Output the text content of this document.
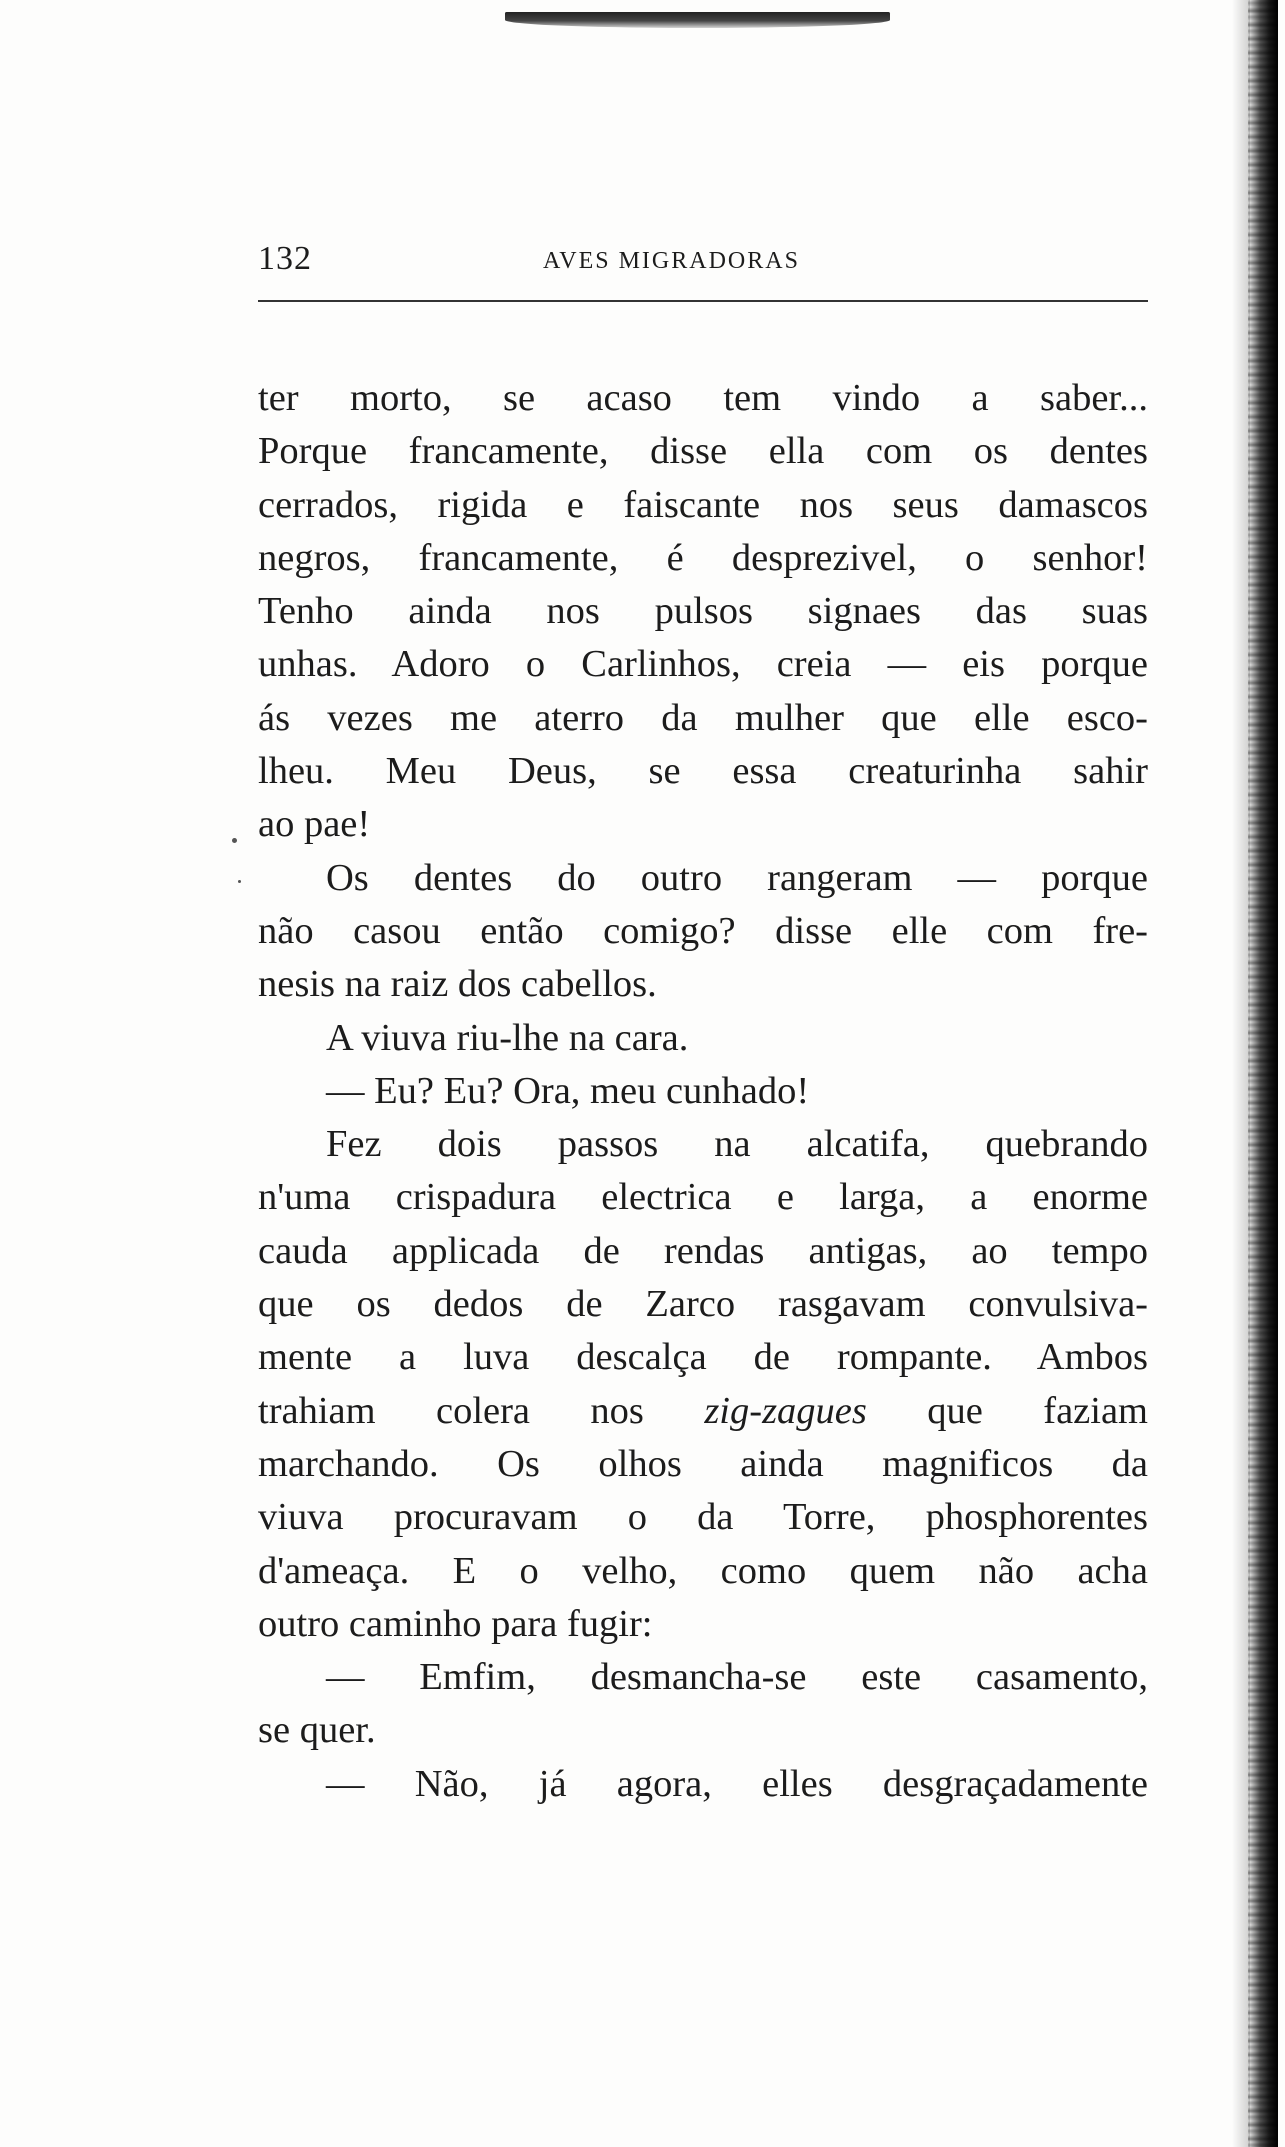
132	AVES MIGRADORAS
ter morto, se acaso tem vindo a saber...
Porque francamente, disse ella com os dentes
cerrados, rigida e faiscante nos seus damascos
negros, francamente, é desprezivel, o senhor!
Tenho ainda nos pulsos signaes das suas
unhas. Adoro o Carlinhos, creia — eis porque
ás vezes me aterro da mulher que elle esco-
lheu. Meu Deus, se essa creaturinha sahir
ao pae!
Os dentes do outro rangeram — porque
não casou então comigo? disse elle com fre-
nesis na raiz dos cabellos.
A viuva riu-lhe na cara.
— Eu? Eu? Ora, meu cunhado!
Fez dois passos na alcatifa, quebrando
n'uma crispadura electrica e larga, a enorme
cauda applicada de rendas antigas, ao tempo
que os dedos de Zarco rasgavam convulsiva-
mente a luva descalça de rompante. Ambos
trahiam colera nos zig-zagues que faziam
marchando. Os olhos ainda magnificos da
viuva procuravam o da Torre, phosphorentes
d'ameaça. E o velho, como quem não acha
outro caminho para fugir:
— Emfim, desmancha-se este casamento,
se quer.
— Não, já agora, elles desgraçadamente
